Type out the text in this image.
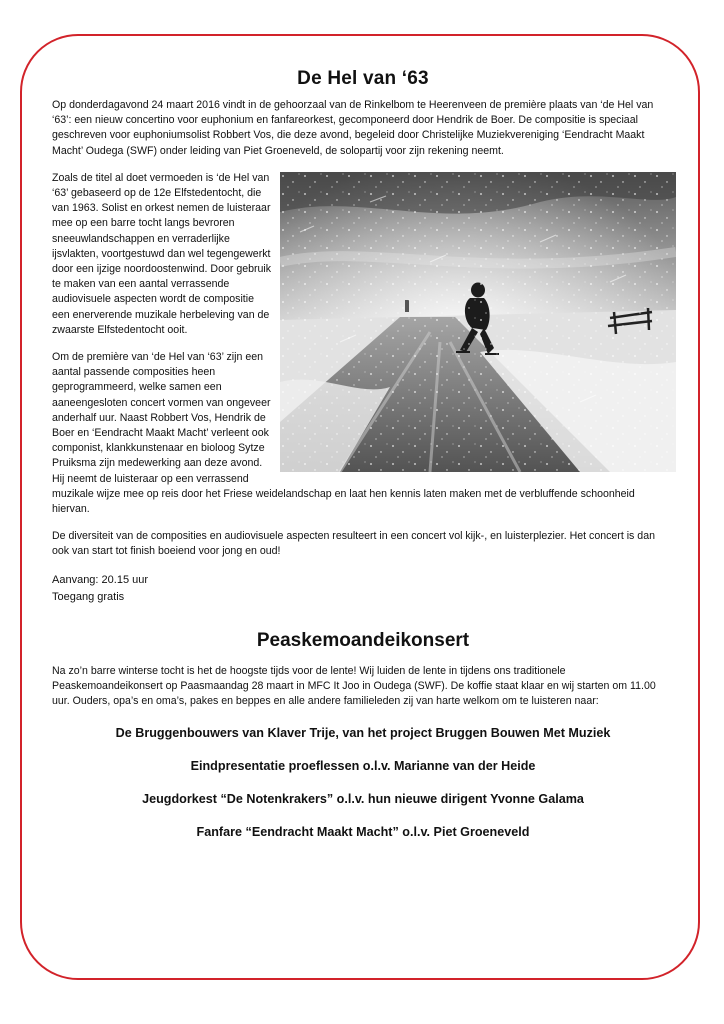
De Hel van ‘63

Op donderdagavond 24 maart 2016 vindt in de gehoorzaal van de Rinkelbom te Heerenveen de première plaats van ‘de Hel van ‘63’: een nieuw concertino voor euphonium en fanfareorkest, gecomponeerd door Hendrik de Boer. De compositie is speciaal geschreven voor euphoniumsolist Robbert Vos, die deze avond, begeleid door Christelijke Muziekvereniging ‘Eendracht Maakt Macht’ Oudega (SWF) onder leiding van Piet Groeneveld, de solopartij voor zijn rekening neemt.

Zoals de titel al doet vermoeden is ‘de Hel van ‘63’ gebaseerd op de 12e Elfstedentocht, die van 1963. Solist en orkest nemen de luisteraar mee op een barre tocht langs bevroren sneeuwlandschappen en verraderlijke ijsvlakten, voortgestuwd dan wel tegengewerkt door een ijzige noordoostenwind. Door gebruik te maken van een aantal verrassende audiovisuele aspecten wordt de compositie een enerverende muzikale herbeleving van de zwaarste Elfstedentocht ooit.

Om de première van ‘de Hel van ‘63’ zijn een aantal passende composities heen geprogrammeerd, welke samen een aaneengesloten concert vormen van ongeveer anderhalf uur. Naast Robbert Vos, Hendrik de Boer en ‘Eendracht Maakt Macht’ verleent ook componist, klankkunstenaar en bioloog Sytze Pruiksma zijn medewerking aan deze avond. Hij neemt de luisteraar op een verrassend muzikale wijze mee op reis door het Friese weidelandschap en laat hen kennis laten maken met de verbluffende schoonheid hiervan.

De diversiteit van de composities en audiovisuele aspecten resulteert in een concert vol kijk-, en luisterplezier. Het concert is dan ook van start tot finish boeiend voor jong en oud!

Aanvang: 20.15 uur

Toegang gratis

Peaskemoandeikonsert

Na zo’n barre winterse tocht is het de hoogste tijds voor de lente! Wij luiden de lente in tijdens ons traditionele Peaskemoandeikonsert op Paasmaandag 28 maart in MFC It Joo in Oudega (SWF). De koffie staat klaar en wij starten om 11.00 uur. Ouders, opa’s en oma’s, pakes en beppes en alle andere familieleden zij van harte welkom om te luisteren naar:

De Bruggenbouwers van Klaver Trije, van het project Bruggen Bouwen Met Muziek
Eindpresentatie proeflessen o.l.v. Marianne van der Heide
Jeugdorkest “De Notenkrakers” o.l.v. hun nieuwe dirigent Yvonne Galama
Fanfare “Eendracht Maakt Macht” o.l.v. Piet Groeneveld
